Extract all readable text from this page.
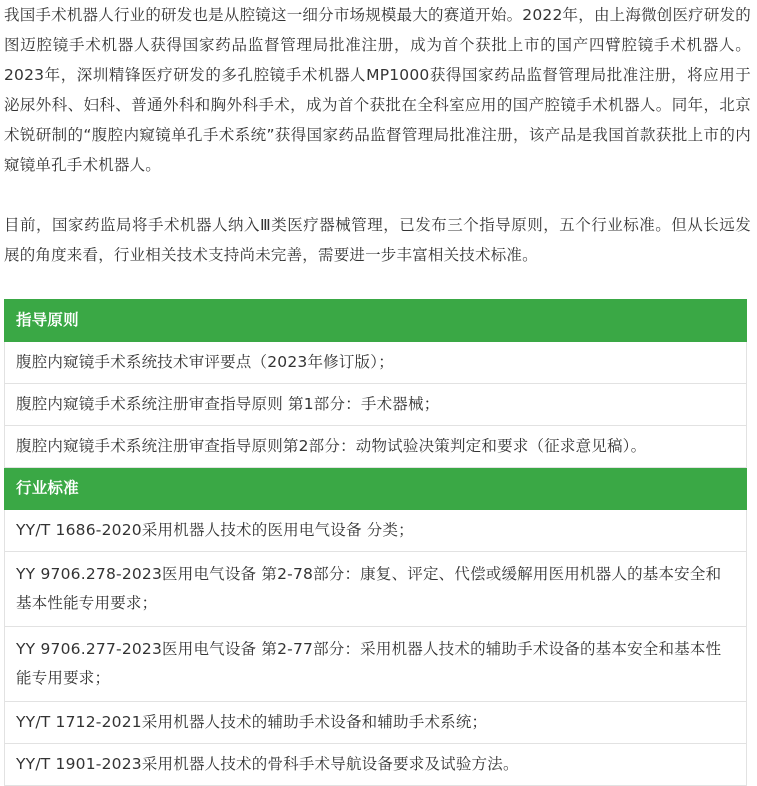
我国手术机器人行业的研发也是从腔镜这一细分市场规模最大的赛道开始。2022年，由上海微创医疗研发的图迈腔镜手术机器人获得国家药品监督管理局批准注册，成为首个获批上市的国产四臂腔镜手术机器人。2023年，深圳精锋医疗研发的多孔腔镜手术机器人MP1000获得国家药品监督管理局批准注册，将应用于泌尿外科、妇科、普通外科和胸外科手术，成为首个获批在全科室应用的国产腔镜手术机器人。同年，北京术锐研制的“腹腔内窥镜单孔手术系统”获得国家药品监督管理局批准注册，该产品是我国首款获批上市的内窥镜单孔手术机器人。

目前，国家药监局将手术机器人纳入Ⅲ类医疗器械管理，已发布三个指导原则，五个行业标准。但从长远发展的角度来看，行业相关技术支持尚未完善，需要进一步丰富相关技术标准。

指导原则
腹腔内窥镜手术系统技术审评要点（2023年修订版）；
腹腔内窥镜手术系统注册审查指导原则 第1部分：手术器械；
腹腔内窥镜手术系统注册审查指导原则第2部分：动物试验决策判定和要求（征求意见稿）。
行业标准
YY/T 1686-2020采用机器人技术的医用电气设备 分类；
YY 9706.278-2023医用电气设备 第2-78部分：康复、评定、代偿或缓解用医用机器人的基本安全和基本性能专用要求；
YY 9706.277-2023医用电气设备 第2-77部分：采用机器人技术的辅助手术设备的基本安全和基本性能专用要求；
YY/T 1712-2021采用机器人技术的辅助手术设备和辅助手术系统；
YY/T 1901-2023采用机器人技术的骨科手术导航设备要求及试验方法。
